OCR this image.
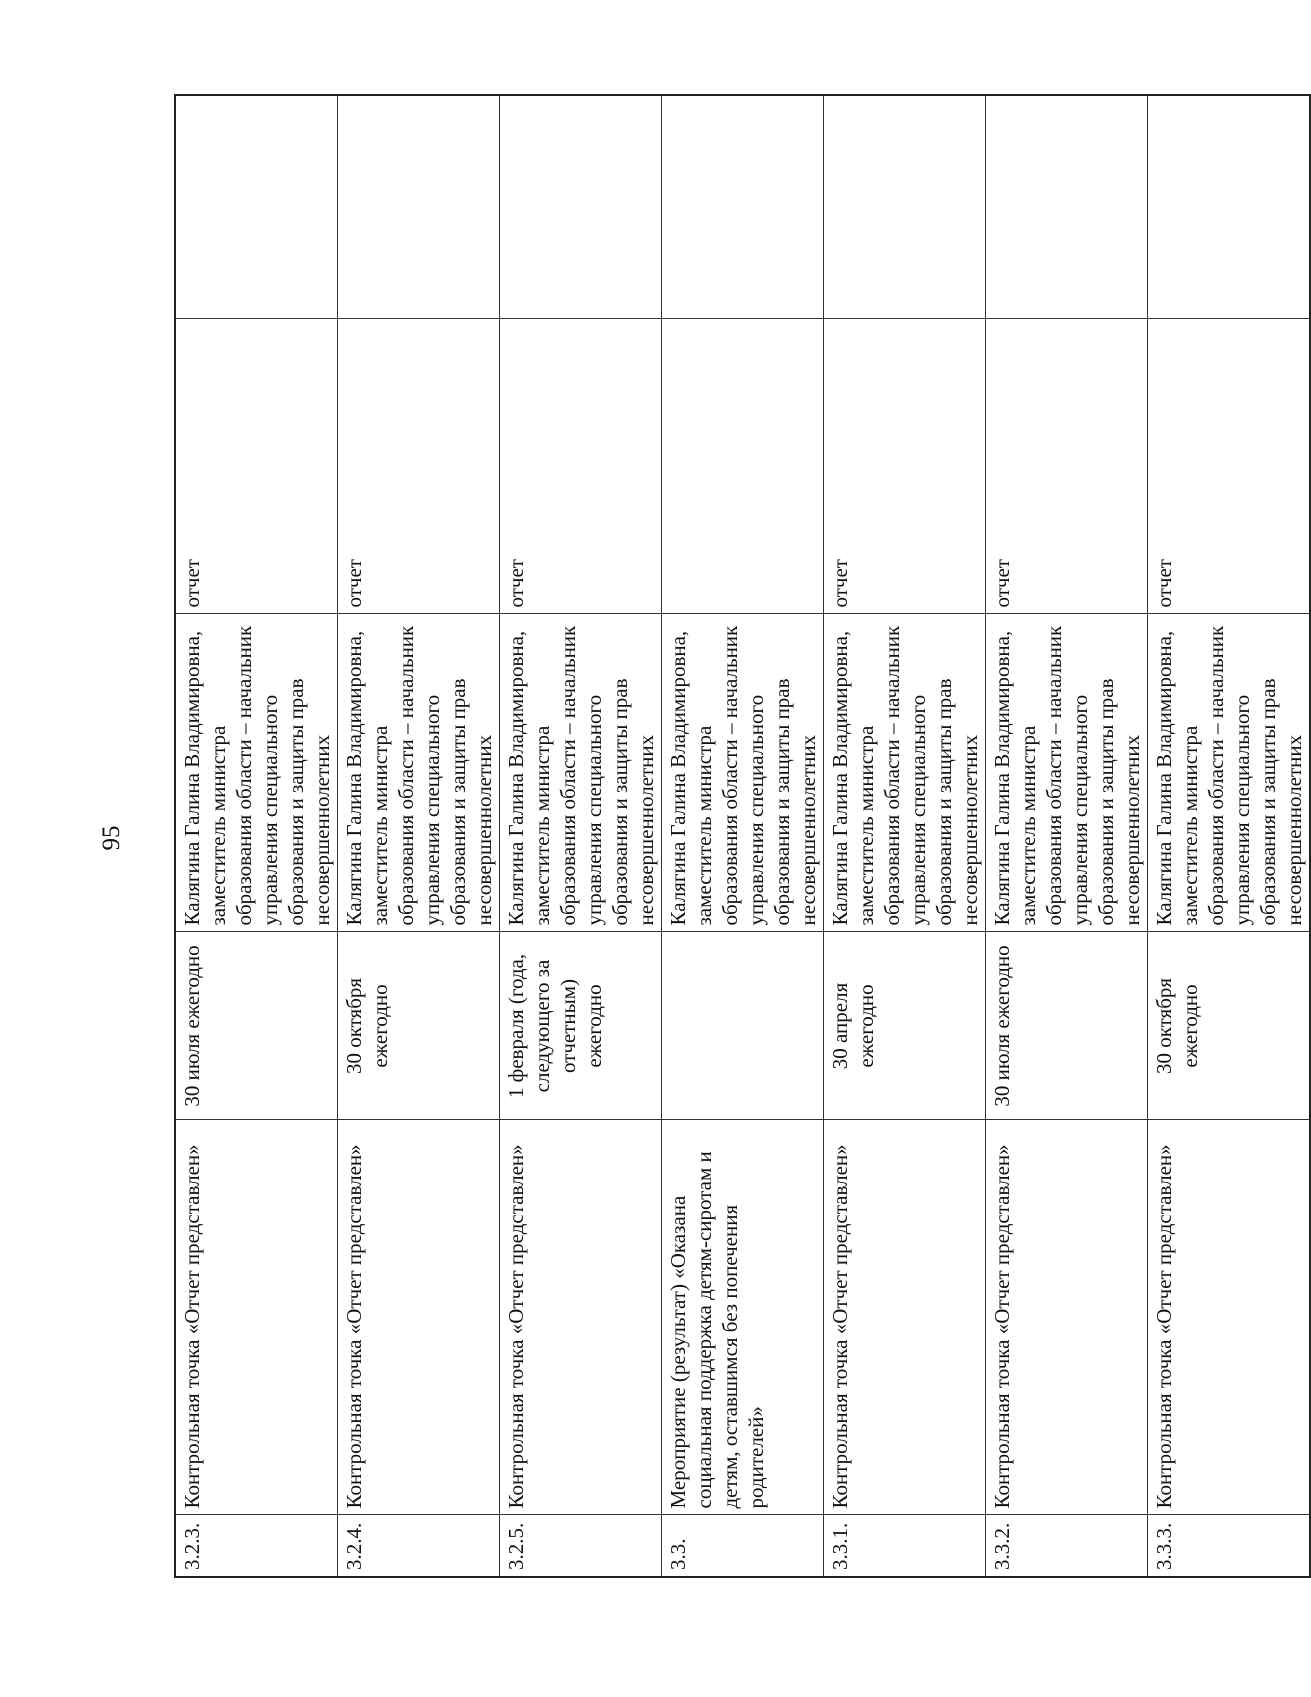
95
3.2.3.	Контрольная точка «Отчет представлен»	30 июля ежегодно	Калягина Галина Владимировна, заместитель министра образования области – начальник управления специального образования и защиты прав несовершеннолетних	отчет	
3.2.4.	Контрольная точка «Отчет представлен»	30 октября ежегодно	Калягина Галина Владимировна, заместитель министра образования области – начальник управления специального образования и защиты прав несовершеннолетних	отчет	
3.2.5.	Контрольная точка «Отчет представлен»	1 февраля (года, следующего за отчетным) ежегодно	Калягина Галина Владимировна, заместитель министра образования области – начальник управления специального образования и защиты прав несовершеннолетних	отчет	
3.3.	Мероприятие (результат) «Оказана социальная поддержка детям-сиротам и детям, оставшимся без попечения родителей»		Калягина Галина Владимировна, заместитель министра образования области – начальник управления специального образования и защиты прав несовершеннолетних		
3.3.1.	Контрольная точка «Отчет представлен»	30 апреля ежегодно	Калягина Галина Владимировна, заместитель министра образования области – начальник управления специального образования и защиты прав несовершеннолетних	отчет	
3.3.2.	Контрольная точка «Отчет представлен»	30 июля ежегодно	Калягина Галина Владимировна, заместитель министра образования области – начальник управления специального образования и защиты прав несовершеннолетних	отчет	
3.3.3.	Контрольная точка «Отчет представлен»	30 октября ежегодно	Калягина Галина Владимировна, заместитель министра образования области – начальник управления специального образования и защиты прав несовершеннолетних	отчет	
